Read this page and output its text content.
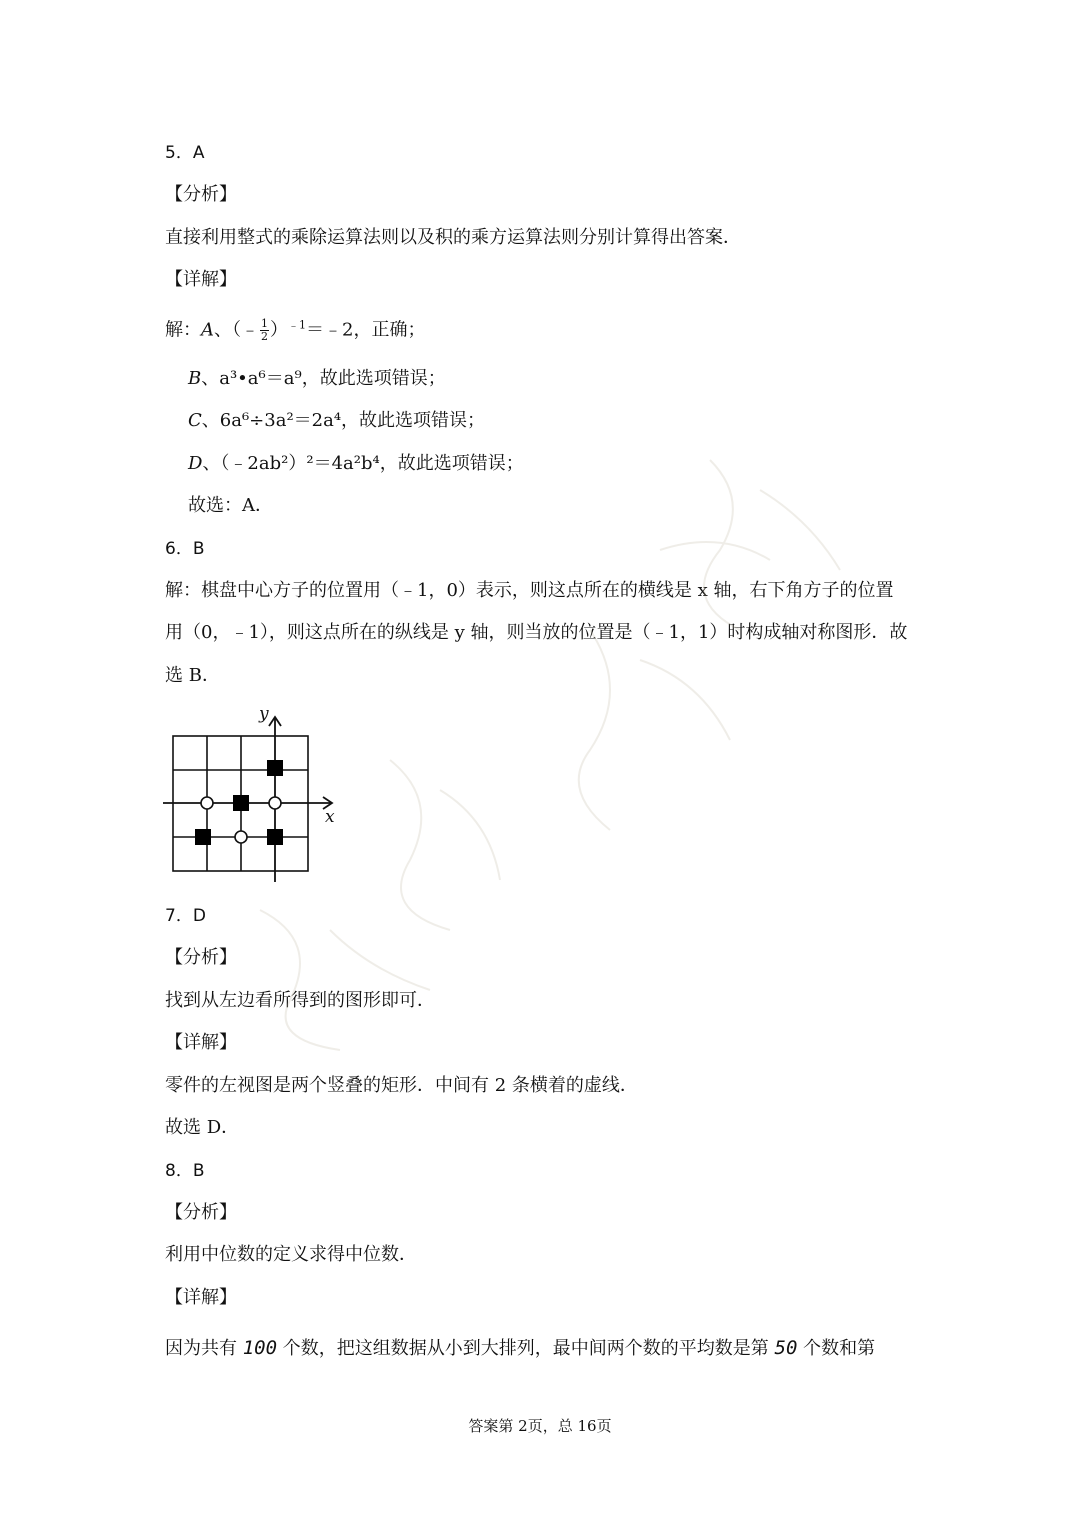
5．A
【分析】
直接利用整式的乘除运算法则以及积的乘方运算法则分别计算得出答案．
【详解】
解：A、（﹣ $\frac{1}{2}$ ）$^{﹣1}$＝﹣2，正确；
B、a³•a⁶＝a⁹，故此选项错误；
C、6a⁶÷3a²＝2a⁴，故此选项错误；
D、（﹣2ab²）²＝4a²b⁴，故此选项错误；
故选：A．
6．B
解：棋盘中心方子的位置用（﹣1，0）表示，则这点所在的横线是 x 轴，右下角方子的位置
用（0，﹣1），则这点所在的纵线是 y 轴，则当放的位置是（﹣1，1）时构成轴对称图形．故
选 B．
x
y
7．D
【分析】
找到从左边看所得到的图形即可．
【详解】
零件的左视图是两个竖叠的矩形．中间有 2 条横着的虚线．
故选 D．
8．B
【分析】
利用中位数的定义求得中位数．
【详解】
因为共有 100 个数，把这组数据从小到大排列，最中间两个数的平均数是第 50 个数和第
答案第 2页，总 16页
